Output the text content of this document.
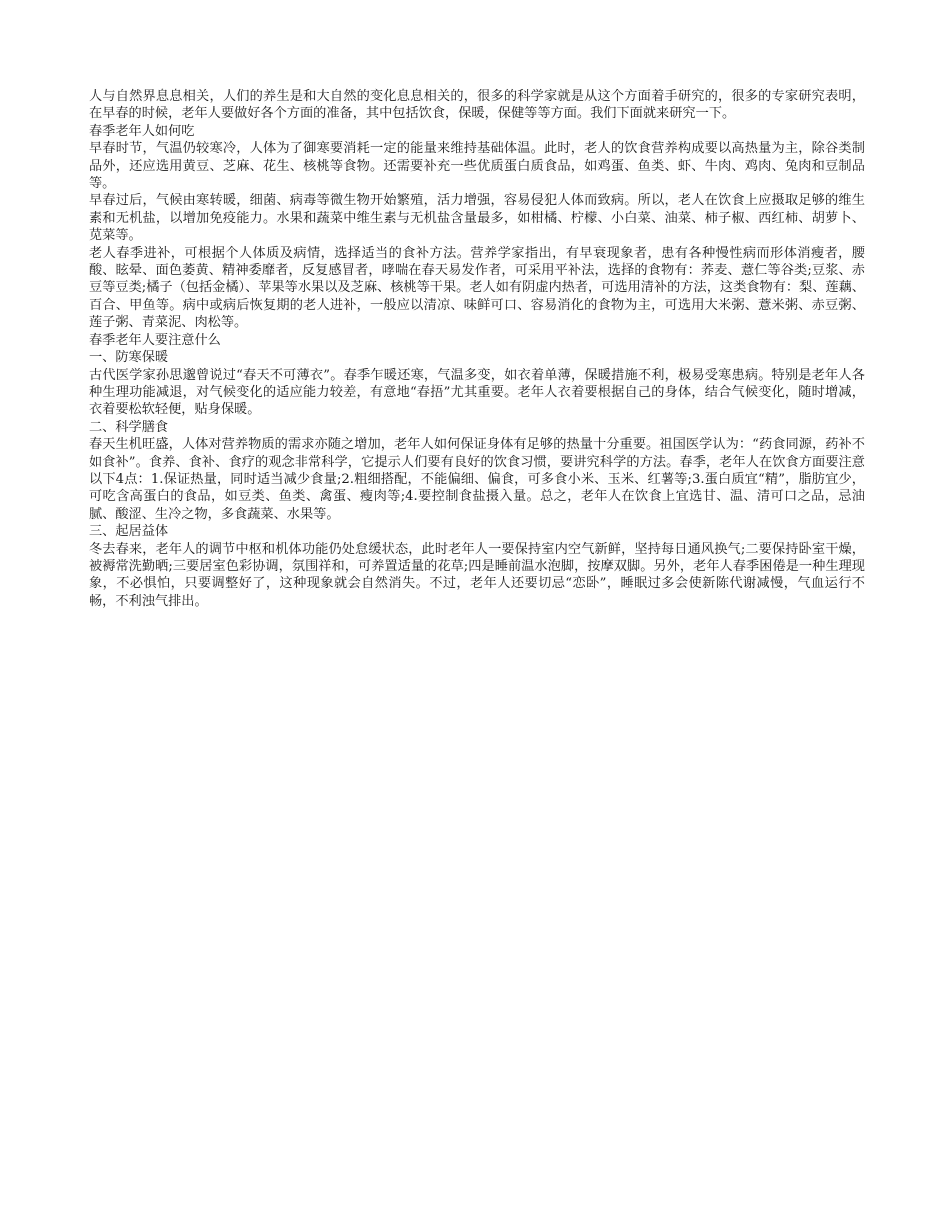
人与自然界息息相关，人们的养生是和大自然的变化息息相关的，很多的科学家就是从这个方面着手研究的，很多的专家研究表明，在早春的时候，老年人要做好各个方面的准备，其中包括饮食，保暖，保健等等方面。我们下面就来研究一下。

春季老年人如何吃

早春时节，气温仍较寒冷，人体为了御寒要消耗一定的能量来维持基础体温。此时，老人的饮食营养构成要以高热量为主，除谷类制品外，还应选用黄豆、芝麻、花生、核桃等食物。还需要补充一些优质蛋白质食品，如鸡蛋、鱼类、虾、牛肉、鸡肉、兔肉和豆制品等。

早春过后，气候由寒转暖，细菌、病毒等微生物开始繁殖，活力增强，容易侵犯人体而致病。所以，老人在饮食上应摄取足够的维生素和无机盐，以增加免疫能力。水果和蔬菜中维生素与无机盐含量最多，如柑橘、柠檬、小白菜、油菜、柿子椒、西红柿、胡萝卜、苋菜等。

老人春季进补，可根据个人体质及病情，选择适当的食补方法。营养学家指出，有早衰现象者，患有各种慢性病而形体消瘦者，腰酸、眩晕、面色萎黄、精神委靡者，反复感冒者，哮喘在春天易发作者，可采用平补法，选择的食物有：荞麦、薏仁等谷类;豆浆、赤豆等豆类;橘子（包括金橘）、苹果等水果以及芝麻、核桃等干果。老人如有阴虚内热者，可选用清补的方法，这类食物有：梨、莲藕、百合、甲鱼等。病中或病后恢复期的老人进补，一般应以清凉、味鲜可口、容易消化的食物为主，可选用大米粥、薏米粥、赤豆粥、莲子粥、青菜泥、肉松等。

春季老年人要注意什么

一、防寒保暖

古代医学家孙思邈曾说过“春天不可薄衣”。春季乍暖还寒，气温多变，如衣着单薄，保暖措施不利，极易受寒患病。特别是老年人各种生理功能减退，对气候变化的适应能力较差，有意地“春捂”尤其重要。老年人衣着要根据自己的身体，结合气候变化，随时增减，衣着要松软轻便，贴身保暖。

二、科学膳食

春天生机旺盛，人体对营养物质的需求亦随之增加，老年人如何保证身体有足够的热量十分重要。祖国医学认为：“药食同源，药补不如食补”。食养、食补、食疗的观念非常科学，它提示人们要有良好的饮食习惯，要讲究科学的方法。春季，老年人在饮食方面要注意以下4点：1.保证热量，同时适当减少食量;2.粗细搭配，不能偏细、偏食，可多食小米、玉米、红薯等;3.蛋白质宜“精”，脂肪宜少，可吃含高蛋白的食品，如豆类、鱼类、禽蛋、瘦肉等;4.要控制食盐摄入量。总之，老年人在饮食上宜选甘、温、清可口之品，忌油腻、酸涩、生冷之物，多食蔬菜、水果等。

三、起居益体

冬去春来，老年人的调节中枢和机体功能仍处怠缓状态，此时老年人一要保持室内空气新鲜，坚持每日通风换气;二要保持卧室干燥，被褥常洗勤晒;三要居室色彩协调，氛围祥和，可养置适量的花草;四是睡前温水泡脚，按摩双脚。另外，老年人春季困倦是一种生理现象，不必惧怕，只要调整好了，这种现象就会自然消失。不过，老年人还要切忌“恋卧”，睡眠过多会使新陈代谢减慢，气血运行不畅，不利浊气排出。
